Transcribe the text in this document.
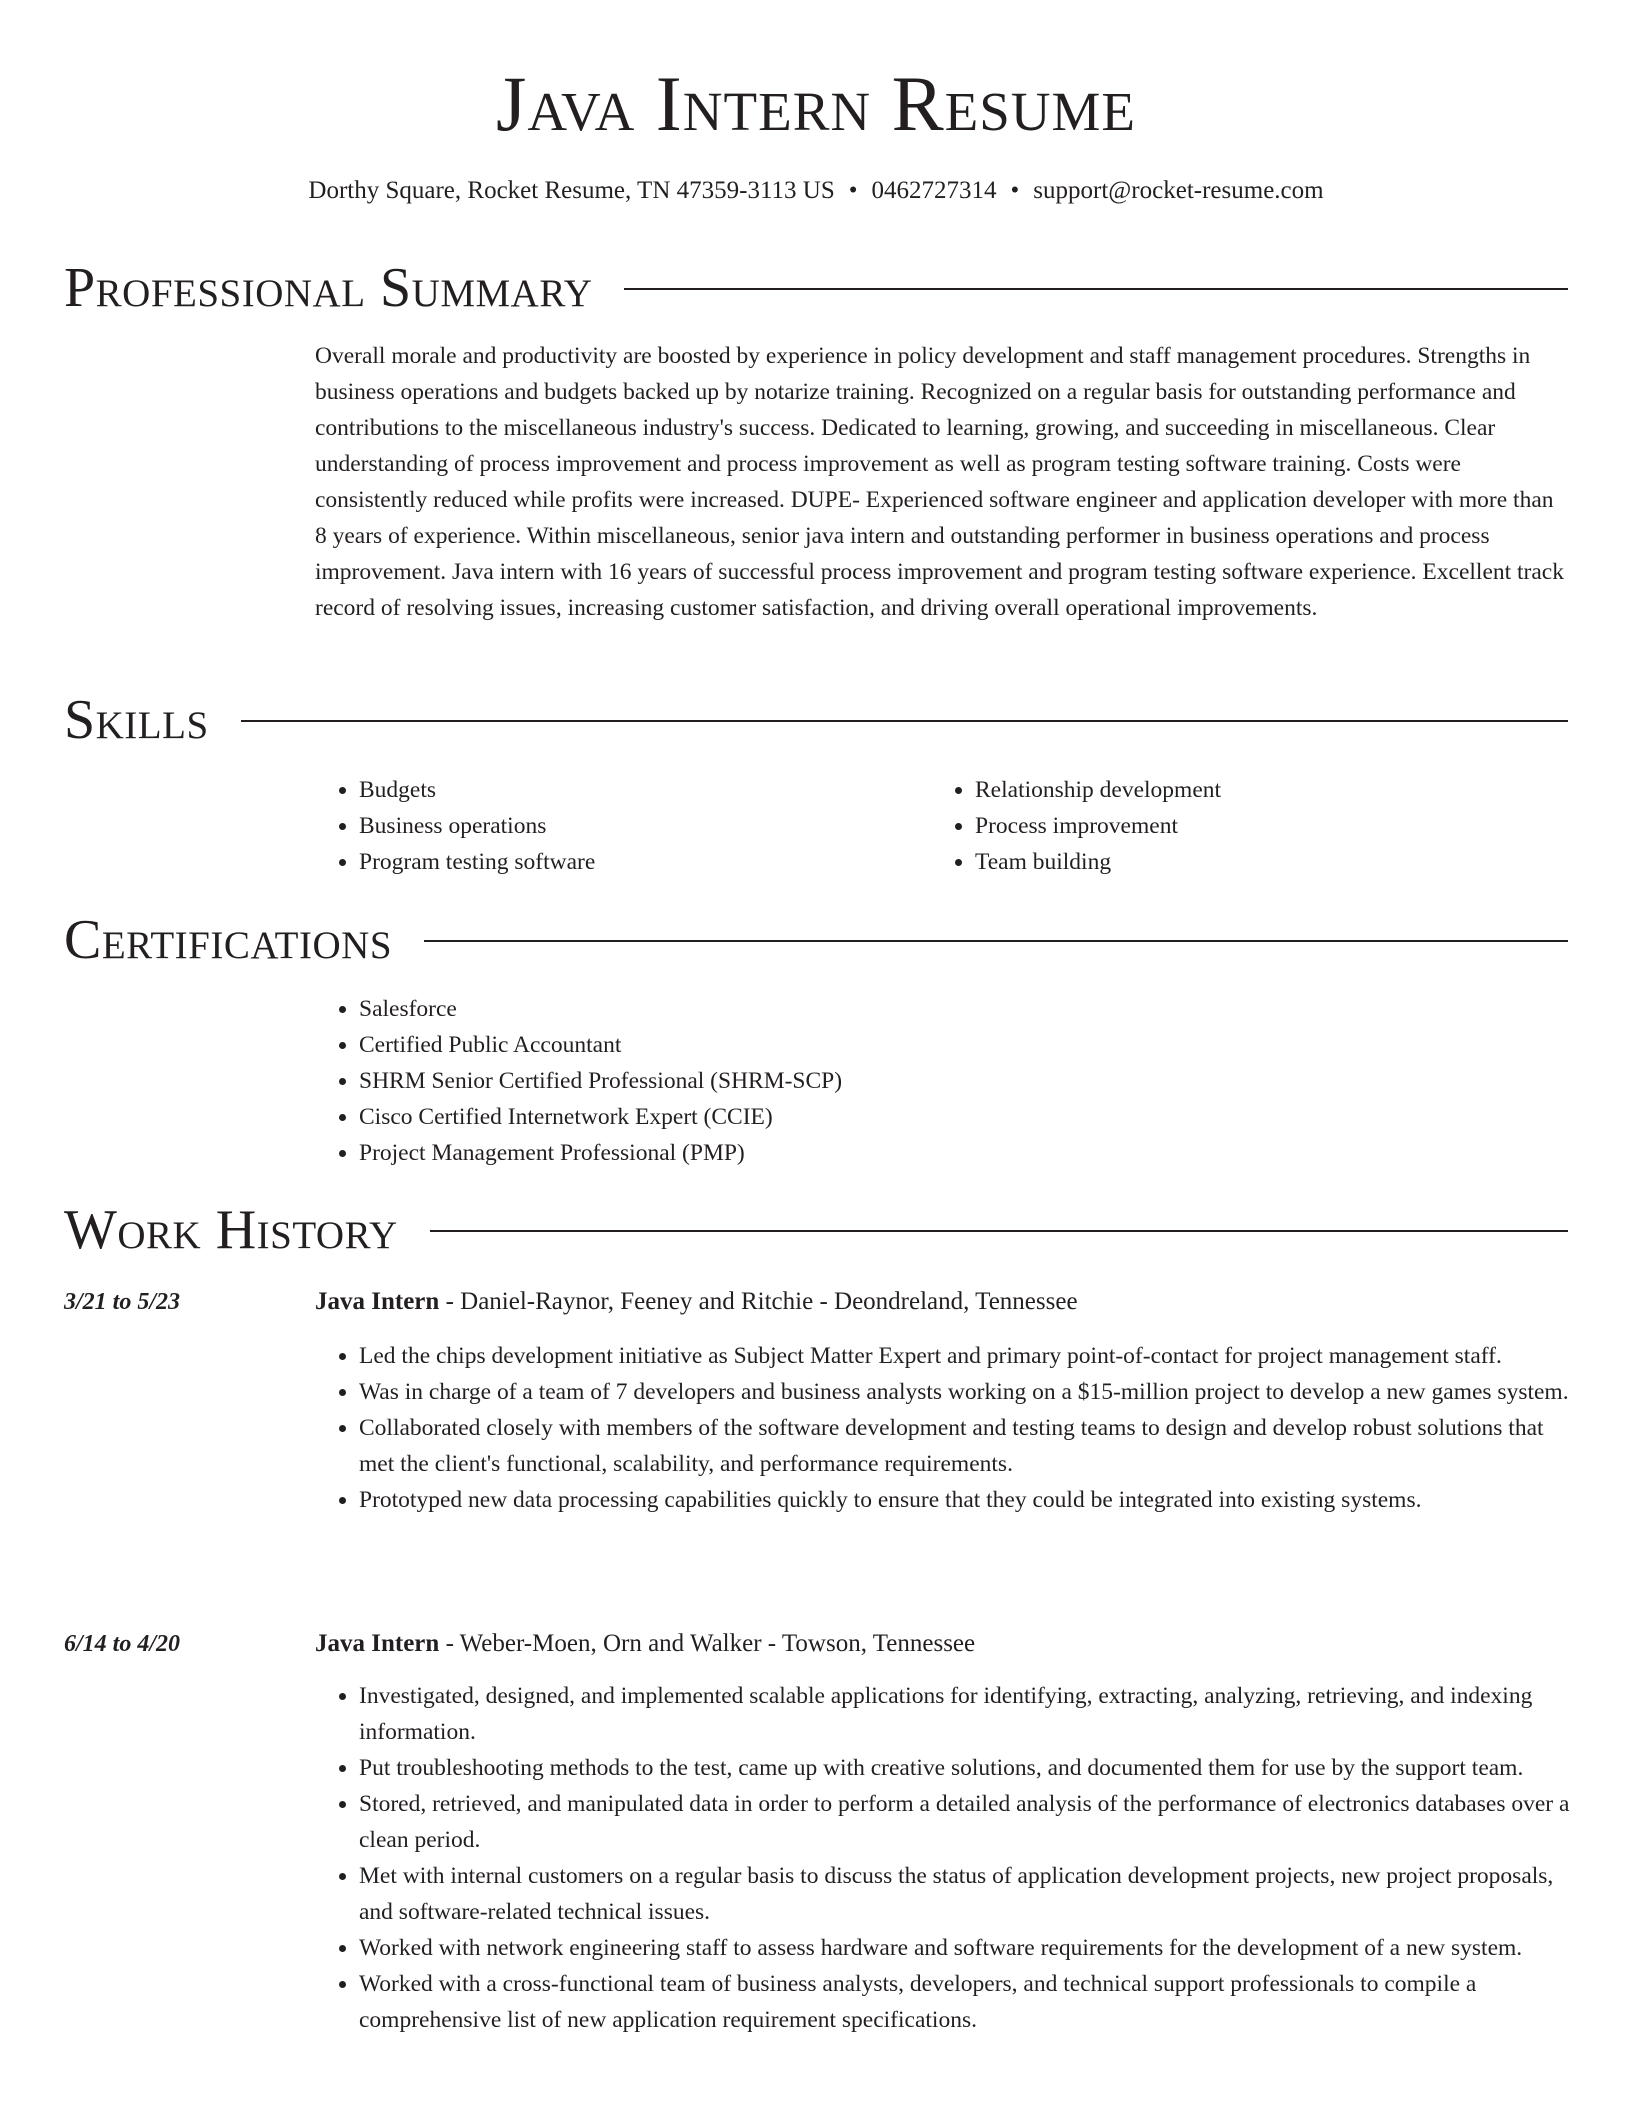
Java Intern Resume
Dorthy Square, Rocket Resume, TN 47359-3113 US • 0462727314 • support@rocket-resume.com
Professional Summary

Overall morale and productivity are boosted by experience in policy development and staff management procedures. Strengths in business operations and budgets backed up by notarize training. Recognized on a regular basis for outstanding performance and contributions to the miscellaneous industry's success. Dedicated to learning, growing, and succeeding in miscellaneous. Clear understanding of process improvement and process improvement as well as program testing software training. Costs were consistently reduced while profits were increased. DUPE- Experienced software engineer and application developer with more than 8 years of experience. Within miscellaneous, senior java intern and outstanding performer in business operations and process improvement. Java intern with 16 years of successful process improvement and program testing software experience. Excellent track record of resolving issues, increasing customer satisfaction, and driving overall operational improvements.

Skills
• Budgets
• Business operations
• Program testing software
• Relationship development
• Process improvement
• Team building
Certifications
• Salesforce
• Certified Public Accountant
• SHRM Senior Certified Professional (SHRM-SCP)
• Cisco Certified Internetwork Expert (CCIE)
• Project Management Professional (PMP)
Work History
3/21 to 5/23	Java Intern - Daniel-Raynor, Feeney and Ritchie - Deondreland, Tennessee
• Led the chips development initiative as Subject Matter Expert and primary point-of-contact for project management staff.
• Was in charge of a team of 7 developers and business analysts working on a $15-million project to develop a new games system.
• Collaborated closely with members of the software development and testing teams to design and develop robust solutions that met the client's functional, scalability, and performance requirements.
• Prototyped new data processing capabilities quickly to ensure that they could be integrated into existing systems.
6/14 to 4/20	Java Intern - Weber-Moen, Orn and Walker - Towson, Tennessee
• Investigated, designed, and implemented scalable applications for identifying, extracting, analyzing, retrieving, and indexing information.
• Put troubleshooting methods to the test, came up with creative solutions, and documented them for use by the support team.
• Stored, retrieved, and manipulated data in order to perform a detailed analysis of the performance of electronics databases over a clean period.
• Met with internal customers on a regular basis to discuss the status of application development projects, new project proposals, and software-related technical issues.
• Worked with network engineering staff to assess hardware and software requirements for the development of a new system.
• Worked with a cross-functional team of business analysts, developers, and technical support professionals to compile a comprehensive list of new application requirement specifications.
